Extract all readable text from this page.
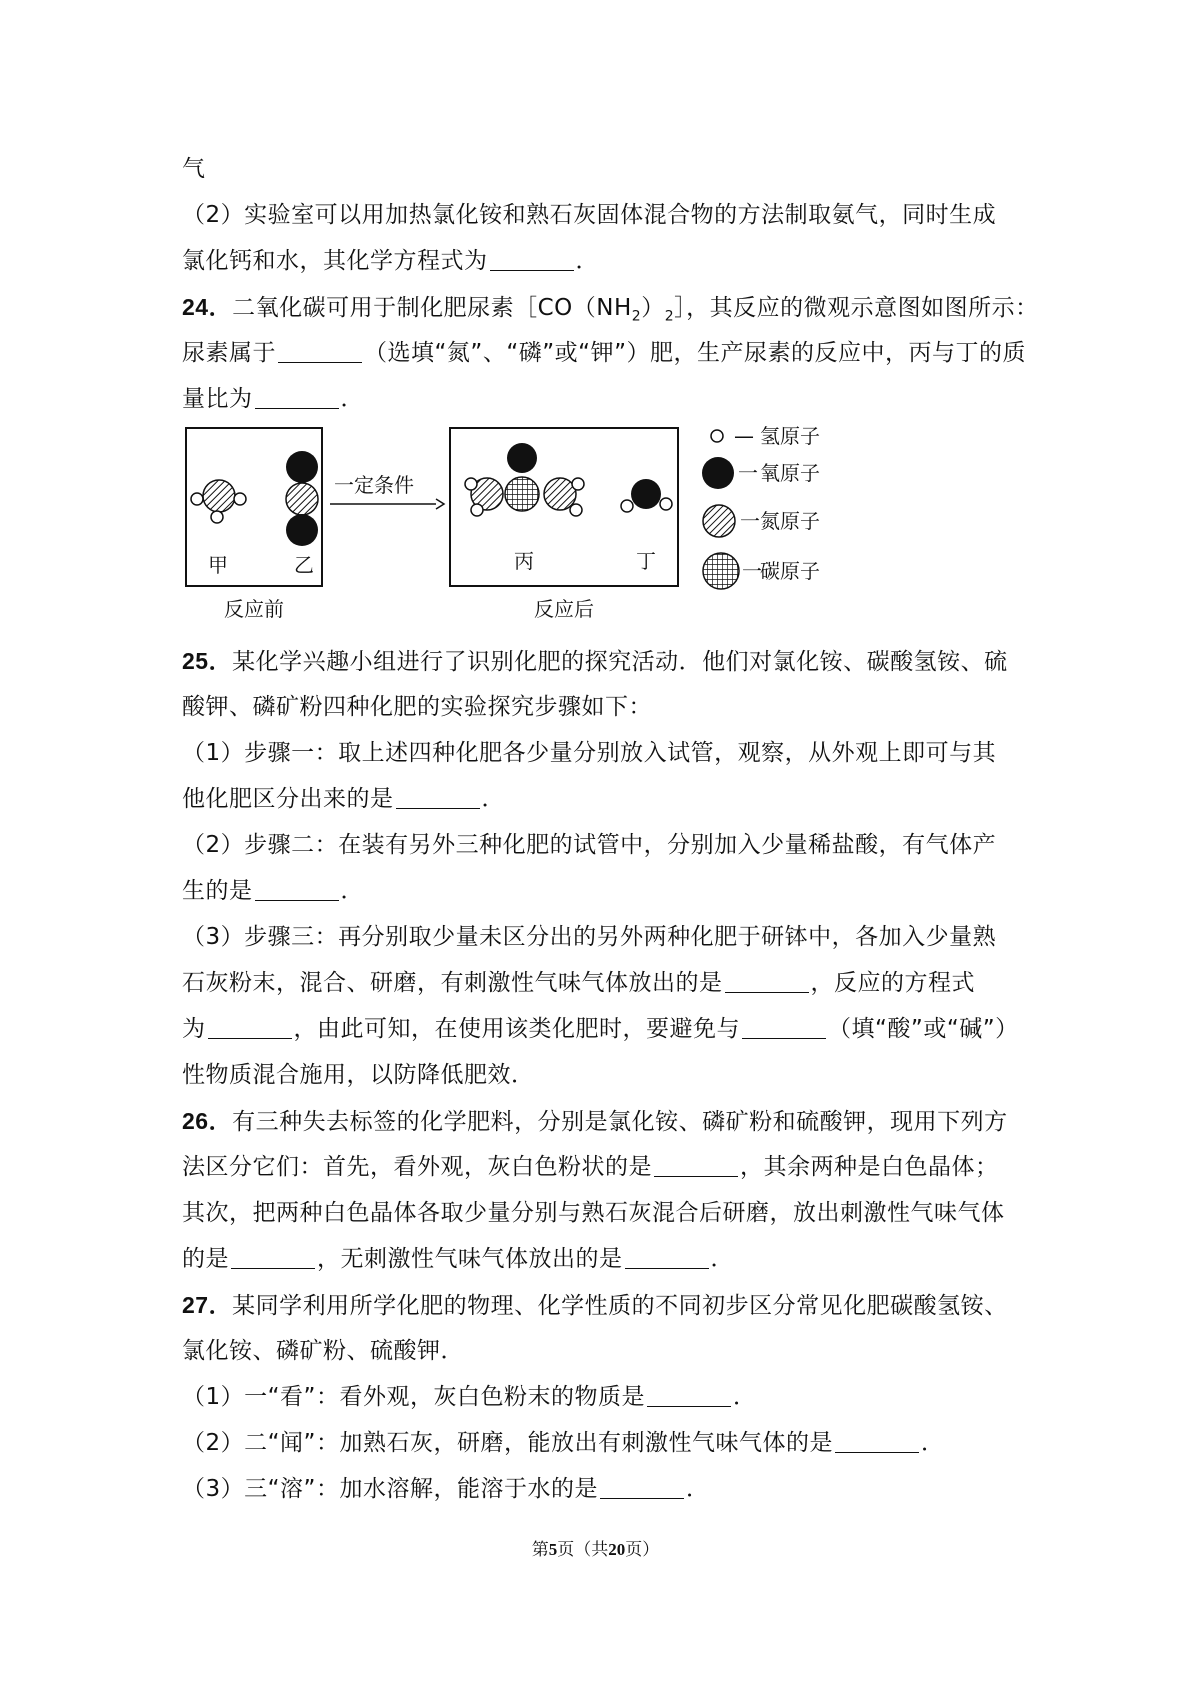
气
（2）实验室可以用加热氯化铵和熟石灰固体混合物的方法制取氨气，同时生成
氯化钙和水，其化学方程式为	．
24．二氧化碳可用于制化肥尿素$[CO(NH_2)_2]$，其反应的微观示意图如图所示：
尿素属于	（选填“氮”、“磷”或“钾”）肥，生产尿素的反应中，丙与丁的质
量比为	．
甲	乙
一定条件
丙	丁
反应前	反应后
— 氢原子
一 氧原子
一 氮原子
一
碳原子
25．某化学兴趣小组进行了识别化肥的探究活动．他们对氯化铵、碳酸氢铵、硫
酸钾、磷矿粉四种化肥的实验探究步骤如下：
（1）步骤一：取上述四种化肥各少量分别放入试管，观察，从外观上即可与其
他化肥区分出来的是	．
（2）步骤二：在装有另外三种化肥的试管中，分别加入少量稀盐酸，有气体产
生的是	．
（3）步骤三：再分别取少量未区分出的另外两种化肥于研钵中，各加入少量熟
石灰粉末，混合、研磨，有刺激性气味气体放出的是	，反应的方程式
为	，由此可知，在使用该类化肥时，要避免与	（填“酸”或“碱”）
性物质混合施用，以防降低肥效．
26．有三种失去标签的化学肥料，分别是氯化铵、磷矿粉和硫酸钾，现用下列方
法区分它们：首先，看外观，灰白色粉状的是	，其余两种是白色晶体；
其次，把两种白色晶体各取少量分别与熟石灰混合后研磨，放出刺激性气味气体
的是	，无刺激性气味气体放出的是	．
27．某同学利用所学化肥的物理、化学性质的不同初步区分常见化肥碳酸氢铵、
氯化铵、磷矿粉、硫酸钾．
（1）一“看”：看外观，灰白色粉末的物质是	．
（2）二“闻”：加熟石灰，研磨，能放出有刺激性气味气体的是	．
（3）三“溶”：加水溶解，能溶于水的是	．
第5页（共20页）
